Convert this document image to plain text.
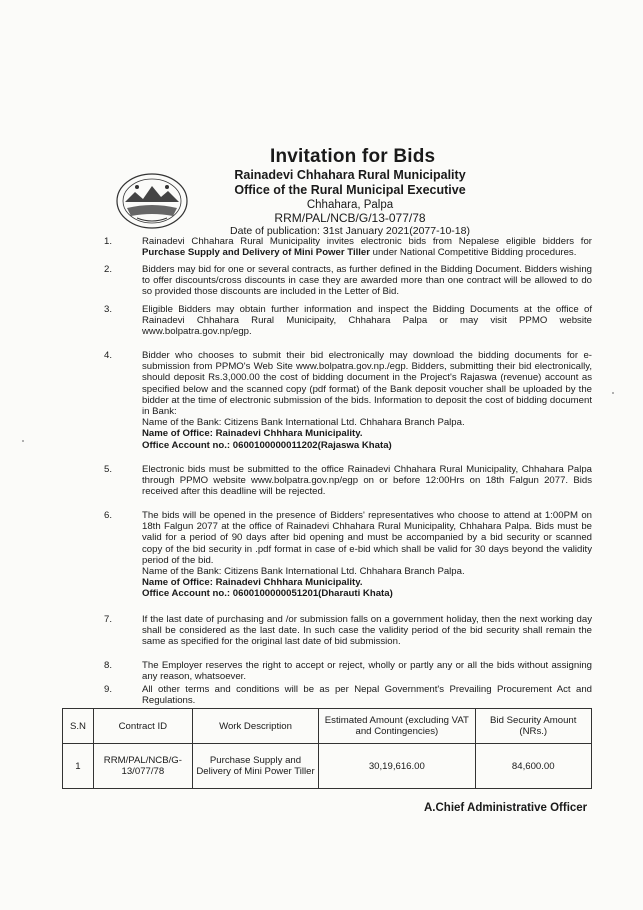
Invitation for Bids
Rainadevi Chhahara Rural Municipality
Office of the Rural Municipal Executive
Chhahara, Palpa
RRM/PAL/NCB/G/13-077/78
Date of publication: 31st January 2021(2077-10-18)
1.	Rainadevi Chhahara Rural Municipality invites electronic bids from Nepalese eligible bidders for Purchase Supply and Delivery of Mini Power Tiller under National Competitive Bidding procedures.
2.	Bidders may bid for one or several contracts, as further defined in the Bidding Document. Bidders wishing to offer discounts/cross discounts in case they are awarded more than one contract will be allowed to do so provided those discounts are included in the Letter of Bid.
3.	Eligible Bidders may obtain further information and inspect the Bidding Documents at the office of Rainadevi Chhahara Rural Municipaity, Chhahara Palpa or may visit PPMO website www.bolpatra.gov.np/egp.
4.	Bidder who chooses to submit their bid electronically may download the bidding documents for e-submission from PPMO's Web Site www.bolpatra.gov.np./egp. Bidders, submitting their bid electronically, should deposit Rs.3,000.00 the cost of bidding document in the Project's Rajaswa (revenue) account as specified below and the scanned copy (pdf format) of the Bank deposit voucher shall be uploaded by the bidder at the time of electronic submission of the bids. Information to deposit the cost of bidding document in Bank:
Name of the Bank: Citizens Bank International Ltd. Chhahara Branch Palpa.
Name of Office: Rainadevi Chhhara Municipality.
Office Account no.: 0600100000011202(Rajaswa Khata)
5.	Electronic bids must be submitted to the office Rainadevi Chhahara Rural Municipality, Chhahara Palpa through PPMO website www.bolpatra.gov.np/egp on or before 12:00Hrs on 18th Falgun 2077. Bids received after this deadline will be rejected.
6.	The bids will be opened in the presence of Bidders' representatives who choose to attend at 1:00PM on 18th Falgun 2077 at the office of Rainadevi Chhahara Rural Municipality, Chhahara Palpa. Bids must be valid for a period of 90 days after bid opening and must be accompanied by a bid security or scanned copy of the bid security in .pdf format in case of e-bid which shall be valid for 30 days beyond the validity period of the bid.
Name of the Bank: Citizens Bank International Ltd. Chhahara Branch Palpa.
Name of Office: Rainadevi Chhhara Municipality.
Office Account no.: 0600100000051201(Dharauti Khata)
7.	If the last date of purchasing and /or submission falls on a government holiday, then the next working day shall be considered as the last date. In such case the validity period of the bid security shall remain the same as specified for the original last date of bid submission.
8.	The Employer reserves the right to accept or reject, wholly or partly any or all the bids without assigning any reason, whatsoever.
9.	All other terms and conditions will be as per Nepal Government's Prevailing Procurement Act and Regulations.
S.N	Contract ID	Work Description	Estimated Amount (excluding VAT and Contingencies)	Bid Security Amount (NRs.)
1	RRM/PAL/NCB/G-13/077/78	Purchase Supply and Delivery of Mini Power Tiller	30,19,616.00	84,600.00
A.Chief Administrative Officer
